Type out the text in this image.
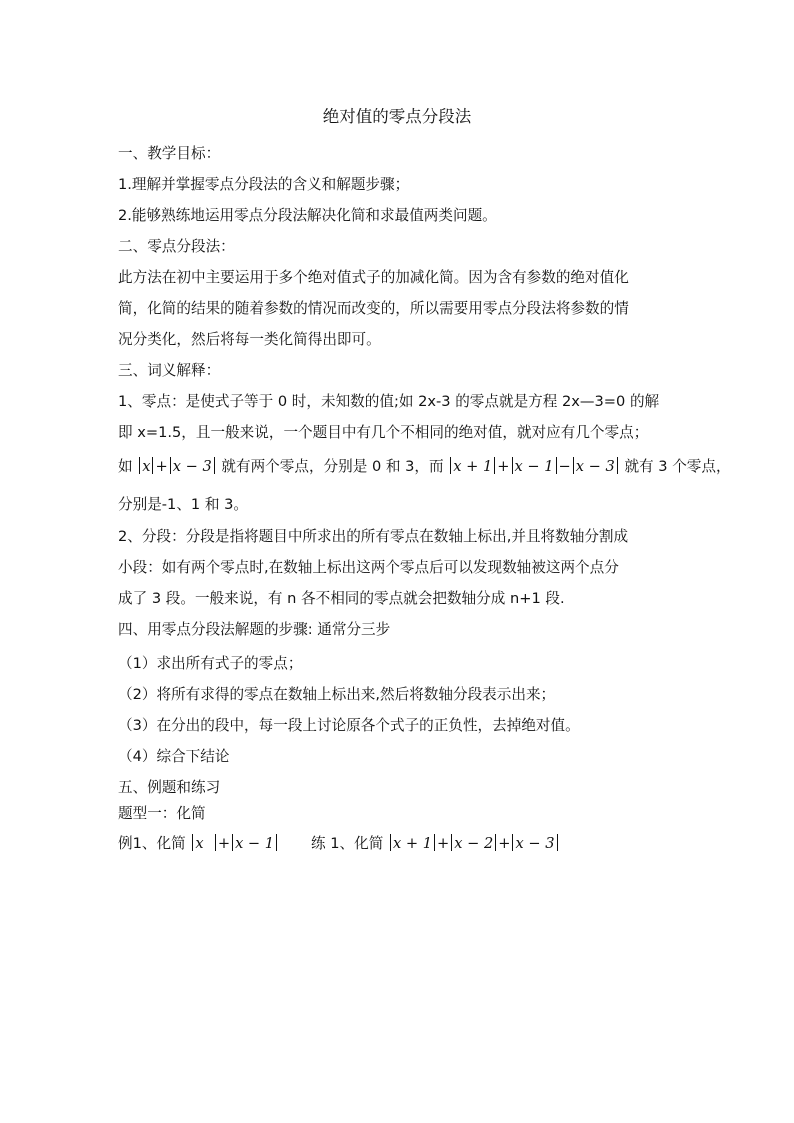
绝对值的零点分段法
一、教学目标：
1.理解并掌握零点分段法的含义和解题步骤；
2.能够熟练地运用零点分段法解决化简和求最值两类问题。
二、零点分段法：
此方法在初中主要运用于多个绝对值式子的加减化简。因为含有参数的绝对值化
简，化简的结果的随着参数的情况而改变的，所以需要用零点分段法将参数的情
况分类化，然后将每一类化简得出即可。
三、词义解释：
1、零点：是使式子等于 0 时，未知数的值;如 2x-3 的零点就是方程 2x—3=0 的解
即 x=1.5，且一般来说，一个题目中有几个不相同的绝对值，就对应有几个零点；
如 x + x − 3 就有两个零点，分别是 0 和 3，而 x + 1 + x − 1 − x − 3 就有 3 个零点，
分别是-1、1 和 3。
2、分段：分段是指将题目中所求出的所有零点在数轴上标出,并且将数轴分割成
小段：如有两个零点时,在数轴上标出这两个零点后可以发现数轴被这两个点分
成了 3 段。一般来说，有 n 各不相同的零点就会把数轴分成 n+1 段.
四、用零点分段法解题的步骤: 通常分三步
（1）求出所有式子的零点；
（2）将所有求得的零点在数轴上标出来,然后将数轴分段表示出来；
（3）在分出的段中，每一段上讨论原各个式子的正负性，去掉绝对值。
（4）综合下结论
五、例题和练习
题型一：化简
例1、化简 x + x − 1	练 1、化简 x + 1 + x − 2 + x − 3
